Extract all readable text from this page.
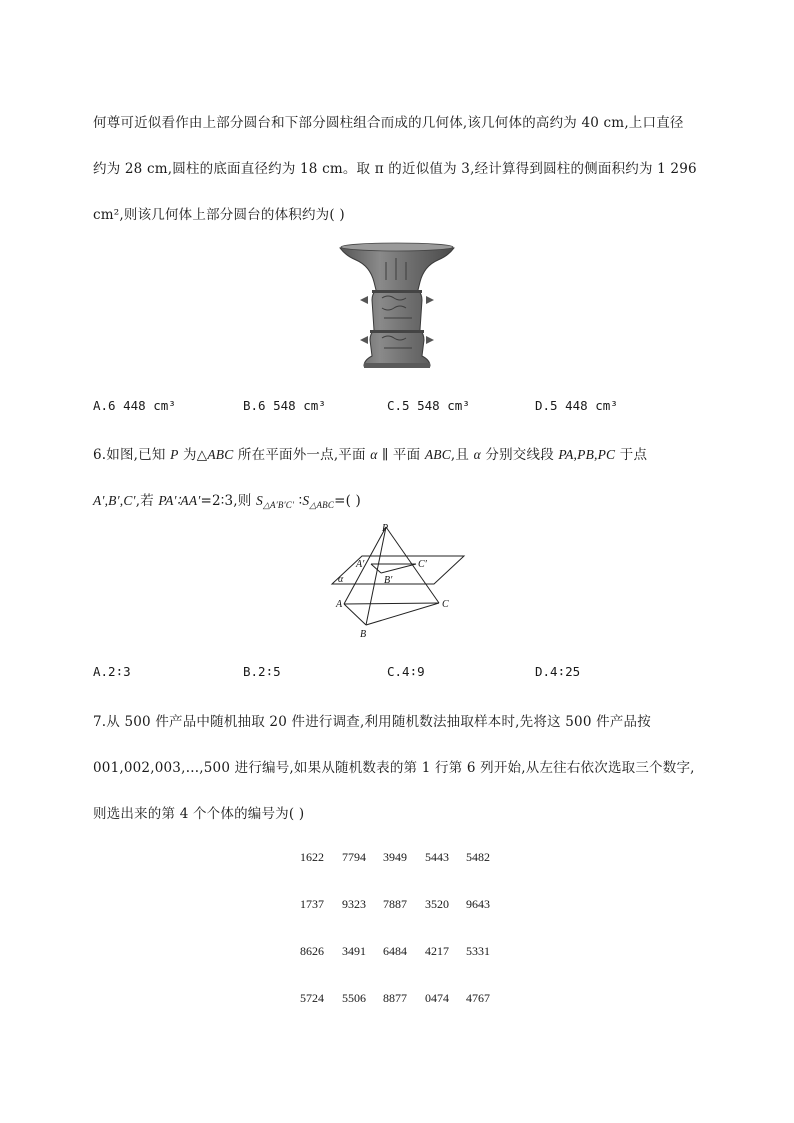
何尊可近似看作由上部分圆台和下部分圆柱组合而成的几何体,该几何体的高约为 40 cm,上口直径
约为 28 cm,圆柱的底面直径约为 18 cm。取 π 的近似值为 3,经计算得到圆柱的侧面积约为 1 296
cm²,则该几何体上部分圆台的体积约为( )
A.6 448 cm³	B.6 548 cm³	C.5 548 cm³	D.5 448 cm³
6.如图,已知 P 为△ABC 所在平面外一点,平面 α ∥ 平面 ABC,且 α 分别交线段 PA,PB,PC 于点
A′,B′,C′,若 PA′∶AA′=2∶3,则 $S_{\triangle A'B'C'}$ $∶S_{\triangle ABC}=$( )
P
A′	C′
B′
α
A	C
B
A.2∶3	B.2∶5	C.4∶9	D.4∶25
7.从 500 件产品中随机抽取 20 件进行调查,利用随机数法抽取样本时,先将这 500 件产品按
001,002,003,…,500 进行编号,如果从随机数表的第 1 行第 6 列开始,从左往右依次选取三个数字,
则选出来的第 4 个个体的编号为( )
1622 7794 3949 5443 5482
1737 9323 7887 3520 9643
8626 3491 6484 4217 5331
5724 5506 8877 0474 4767
